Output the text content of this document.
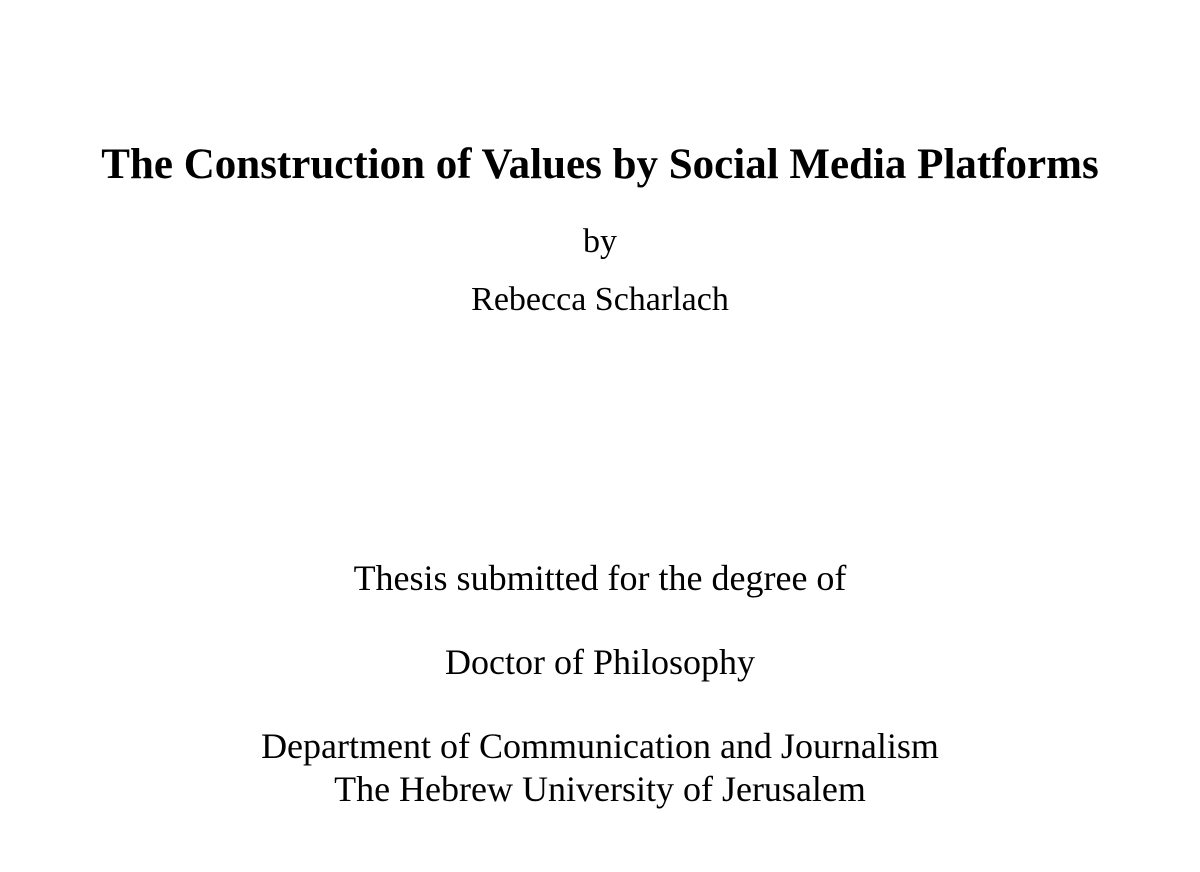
The Construction of Values by Social Media Platforms

by

Rebecca Scharlach

Thesis submitted for the degree of

Doctor of Philosophy

Department of Communication and Journalism

The Hebrew University of Jerusalem
